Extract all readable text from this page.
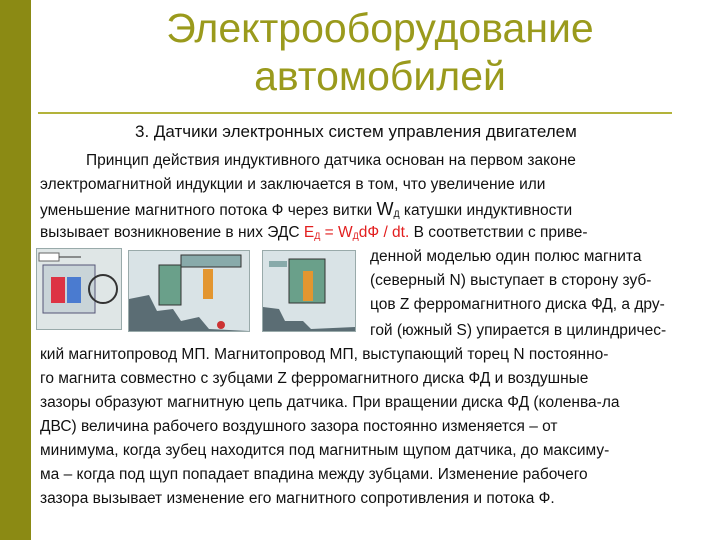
Электрооборудование
автомобилей
3. Датчики электронных систем управления двигателем
Принцип действия индуктивного датчика основан на первом законе
электромагнитной индукции и заключается в том, что увеличение или
уменьшение магнитного потока Ф через витки $W_Д$ катушки индуктивности
вызывает возникновение в них ЭДС $E_Д = W_ДdФ$ / dt. В соответствии с приве-
денной моделью один полюс магнита
(северный N) выступает в сторону зуб-
цов Z ферромагнитного диска ФД, а дру-
гой (южный S) упирается в цилиндричес-
кий магнитопровод МП. Магнитопровод МП, выступающий торец N постоянно-
го магнита совместно с зубцами Z ферромагнитного диска ФД и воздушные
зазоры образуют магнитную цепь датчика. При вращении диска ФД (коленва-ла
ДВС) величина рабочего воздушного зазора постоянно изменяется – от
минимума, когда зубец находится под магнитным щупом датчика, до максиму-
ма – когда под щуп попадает впадина между зубцами. Изменение рабочего
зазора вызывает изменение его магнитного сопротивления и потока Ф.
